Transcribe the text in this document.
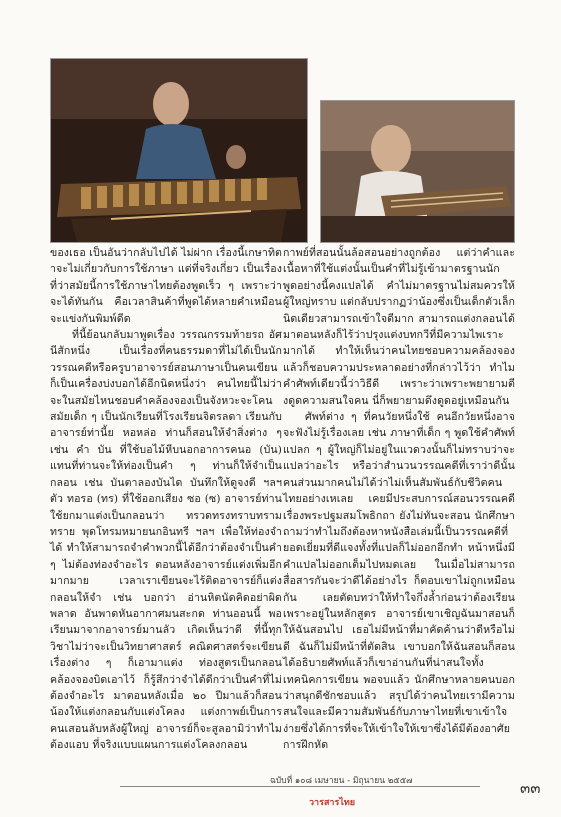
ของเธอ เป็นอันว่ากลับไปได้ ไม่ผ่าก เรื่องนี้เกษาทิตาจะไม่เกี่ยวกับการใช้ภาษา แต่ที่จริงเกี่ยว เป็นเรื่องที่ว่าสมัยนี้การใช้ภาษาไทยต้องพูดเร็ว ๆ เพราะว่าจะได้ทันกัน คือเวลาสินค้าที่พูดได้หลายคำเหมือนจะแข่งกันพิมพ์ดีด

ที่นี้ย้อนกลับมาพูดเรื่อง วรรณกรรมท้ายรถ อัศนีสักหนึ่ง เป็นเรื่องที่คนธรรมดาที่ไม่ได้เป็นนักวรรณคดีหรือครูบาอาจารย์สอนภาษาเป็นคนเขียนก็เป็นเครื่องบ่งบอกได้อีกนิดหนึ่งว่า คนไทยนี้ไม่ว่าจะในสมัยไหนชอบคำคล้องจองเป็นจังหวะจะโคน สมัยเด็ก ๆ เป็นนักเรียนที่โรงเรียนจิตรลดา เรียนกับอาจารย์ท่านี้ย หอหล่อ ท่านก็สอนให้จำสิ่งต่าง ๆ เช่น คำ บัน ที่ใช้บอไม้หีบนอกอาการคนอ (บัน) แทนที่ท่านจะให้ท่องเป็นคำ ๆ ท่านก็ให้จำเป็นกลอน เช่น บันตาลองบันได บันทึกให้ดูจงดี ฯลฯ ตัว ทอรอ (ทร) ที่ใช้ออกเสียง ซอ (ซ) อาจารย์ท่านใช้ยกมาแต่งเป็นกลอนว่า ทรวดทรงทราบทรามทราย พุดโทรมหมายนกอินทรี ฯลฯ เพื่อให้ท่องจำได้ ทำให้สามารถจำคำพวกนี้ได้อีกว่าต้องจำเป็นคำ ๆ ไม่ต้องท่องจำอะไร ตอนหลังอาจารย์แต่งเพิ่มอีกมากมาย เวลาเราเขียนจะไร้ติดอาจารย์ก็แต่งกลอนให้จำ เช่น บอกว่า อ่านหิตนัดคิดอย่าผิดพลาด อันพาดหันอากาศมนสะกด ท่านออนนี้ พอเรียนมาจากอาจารย์มานลัว เกิดเห็นว่าดี ที่นี้ทุกวิชาไม่ว่าจะเป็นวิทยาศาสตร์ คณิตศาสตร์จะเขียนเรื่องต่าง ๆ ก็เอามาแต่ง ท่องสูตรเป็นกลอนคล้องจองบิดเอาไว้ ก็รู้สึกว่าจำได้ดีกว่าเป็นคำที่ไม่ต้องจำอะไร มาตอนหลังเมื่อ ๒๐ ปีมาแล้วก็สอนน้องให้แต่งกลอนกับแต่งโคลง แต่งกาพย์เป็นการคนเสอนลับหลังผู้ใหญ่ อาจารย์ก็จะสูลอามิว่าทำไมต้องแอบ ที่จริงแบบแผนการแต่งโคลงกลอน

กาพย์ที่สอนนั้นล้อสอนอย่างถูกต้อง แต่ว่าคำและเนื้อหาที่ใช้แต่งนั้นเป็นคำที่ไม่รู้เข้ามาตรฐานนัก พูดอย่างนี้คงแปลได้ คำไม่มาตรฐานไม่สมควรให้ผู้ใหญ่ทราบ แต่กลับปรากฏว่าน้องซึ่งเป็นเด็กตัวเล็กนิดเดียวสามารถเข้าใจดีมาก สามารถแต่งกลอนได้ มาตอนหลังก็ไร้ว่าปรุงแต่งบทกวีที่มีความไพเราะมากได้ ทำให้เห็นว่าคนไทยชอบความคล้องจอง แล้วก็ชอบความประหลาดอย่างที่กล่าวไว้ว่า ทำไมคำศัพท์เดียวนี้ว่าวิธีดี เพราะว่าเพราะพยายามตีงดูดความสนใจคน นี่ก็พยายามดึงดูดอยู่เหมือนกัน

ศัพท์ต่าง ๆ ที่คนวัยหนึ่งใช้ คนอีกวัยหนึ่งอาจจะฟังไม่รู้เรื่องเลย เช่น ภาษาที่เด็ก ๆ พูดใช้คำศัพท์แปลก ๆ ผู้ใหญ่ก็ไม่อยู่ในแวดวงนั้นก็ไม่ทราบว่าจะแปลว่าอะไร หรือว่าสำนวนวรรณคดีที่เราว่าดีนั้น คนส่วนมากคนไม่ได้ว่าไม่เห็นสัมพันธ์กับชีวิตคนไทยอย่างเหเลย เคยมีประสบการณ์สอนวรรณคดีเรื่องพระปฐมสมโพธิกถา ยังไม่ทันจะสอน นักศึกษาถามว่าทำไมถึงต้องหาหนังสือเล่มนี้เป็นวรรณคดีที่ยอดเยี่ยมที่ดีแจงทั้งที่แปลก็ไม่ออกอีกทำ หน้าหนึ่งมีคำแปลไม่ออกเต็มไปหมดเลย ในเมื่อไม่สามารถสื่อสารกันจะว่าดีได้อย่างไร ก็ตอบเขาไม่ถูกเหมือนกัน เลยตัดบทว่าให้ทำใจกึ่งล้ำก่อนว่าต้องเรียนเพราะอยู่ในหลักสูตร อาจารย์เขาเชิญฉันมาสอนก็ให้ฉันสอนไป เธอไม่มีหน้าที่มาคัดค้านว่าดีหรือไม่ดี ฉันก็ไม่มีหน้าที่ตัดสิน เขาบอกให้ฉันสอนก็สอน ได้อธิบายศัพท์แล้วก็เขาอ่านกันที่น่าสนใจทั้งเทคนิคการเขียน พอจบแล้ว นักศึกษาหลายคนบอกว่าสนุกดีชักชอบแล้ว สรุปได้ว่าคนไทยเรามีความสนใจและมีความสัมพันธ์กับภาษาไทยที่เขาเข้าใจง่ายซึ่งได้การที่จะให้เข้าใจให้เขาซึ่งได้มีต้องอาศัยการฝึกหัด

ฉบับที่ ๑๐๘ เมษายน - มิถุนายน ๒๕๕๗
วารสารไทย
๓๓
